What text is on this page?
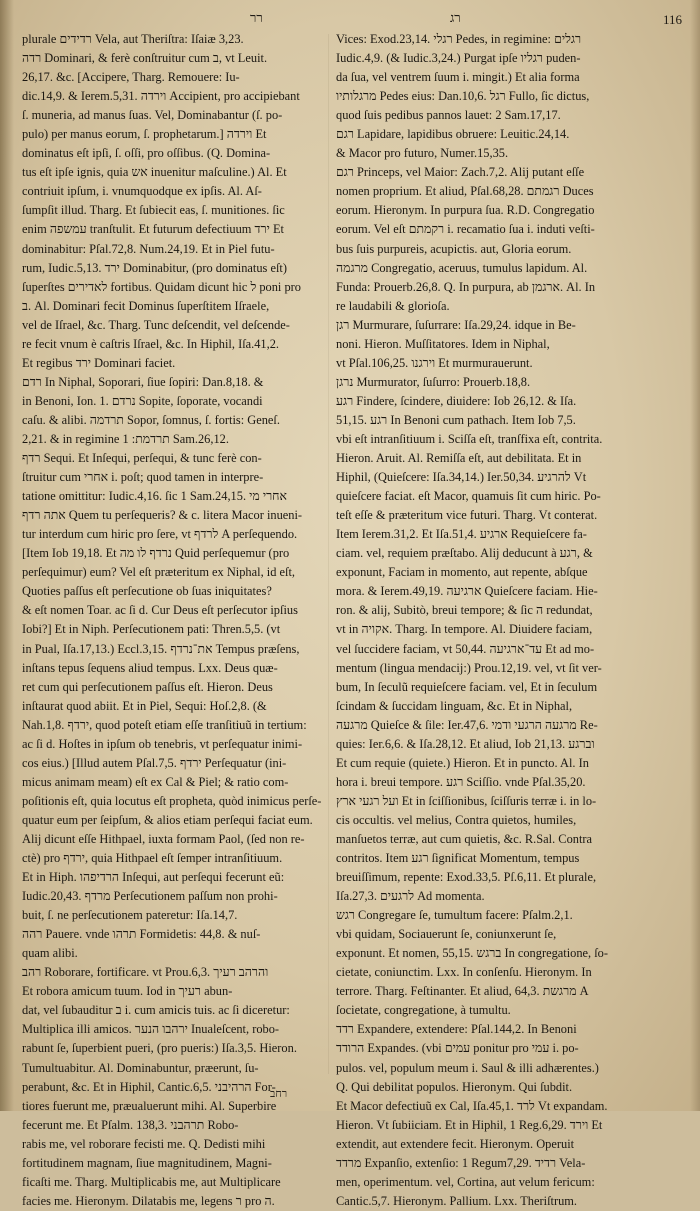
רר	רג	116
plurale רדידים Vela, aut Theriſtra: Iſaiæ 3,23.
רדה Dominari, & ferè conſtruitur cum ב, vt Leuit.
26,17. &c. [Accipere, Tharg. Remouere: Iu-
dic.14,9. & Ierem.5,31. וירדה Accipient, pro accipiebant
ſ. muneria, ad manus ſuas. Vel, Dominabantur (ſ. po-
pulo) per manus eorum, ſ. prophetarum.] וירדה Et
dominatus eſt ipſi, ſ. oſſi, pro oſſibus. (Q. Domina-
tus eſt ipſe ignis, quia אש inuenitur maſculine.) Al. Et
contriuit ipſum, i. vnumquodque ex ipſis. Al. Aſ-
ſumpſit illud. Tharg. Et ſubiecit eas, ſ. munitiones. ſic
enim עמשפה tranſtulit. Et futurum defectiuum ירד Et
dominabitur: Pſal.72,8. Num.24,19. Et in Piel futu-
rum, Iudic.5,13. ירד Dominabitur, (pro dominatus eſt)
ſuperſtes לאדירים fortibus. Quidam dicunt hic ל poni pro
ב. Al. Dominari fecit Dominus ſuperſtitem Iſraele,
vel de Iſrael, &c. Tharg. Tunc deſcendit, vel deſcende-
re fecit vnum è caſtris Iſrael, &c. In Hiphil, Iſa.41,2.
Et regibus ירד Dominari faciet.
רדם In Niphal, Soporari, ſiue ſopiri: Dan.8,18. &
in Benoni, Ion. 1. נרדם Sopite, ſoporate, vocandi
caſu. & alibi. תרדמה Sopor, ſomnus, ſ. fortis: Geneſ.
2,21. & in regimine תרדמת: 1 Sam.26,12.
רדף Sequi. Et Inſequi, perſequi, & tunc ferè con-
ſtruitur cum אחרי i. poſt; quod tamen in interpre-
tatione omittitur: Iudic.4,16. ſic 1 Sam.24,15. אחרי מי
אתה רדף Quem tu perſequeris? & c. litera Macor inueni-
tur interdum cum hiric pro ſere, vt לרדף A perſequendo.
[Item Iob 19,18. Et נרדף לו מה Quid perſequemur (pro
perſequimur) eum? Vel eſt præteritum ex Niphal, id eſt,
Quoties paſſus eſt perſecutione ob ſuas iniquitates?
& eſt nomen Toar. ac ſi d. Cur Deus eſt perſecutor ipſius
Iobi?] Et in Niph. Perſecutionem pati: Thren.5,5. (vt
in Pual, Iſa.17,13.) Eccl.3,15. את־נרדף Tempus præſens,
inſtans tepus ſequens aliud tempus. Lxx. Deus quæ-
ret cum qui perſecutionem paſſus eſt. Hieron. Deus
inſtaurat quod abiit. Et in Piel, Sequi: Hoſ.2,8. (&
Nah.1,8. ירדף, quod poteſt etiam eſſe tranſitiuũ in tertium:
ac ſi d. Hoſtes in ipſum ob tenebris, vt perſequatur inimi-
cos eius.) [Illud autem Pſal.7,5. ירדף Perſequatur (ini-
micus animam meam) eſt ex Cal & Piel; & ratio com-
poſitionis eſt, quia locutus eſt propheta, quòd inimicus perſe-
quatur eum per ſeipſum, & alios etiam perſequi faciat eum.
Alij dicunt eſſe Hithpael, iuxta formam Paol, (ſed non re-
ctè) pro ירדף, quia Hithpael eſt ſemper intranſitiuum.
Et in Hiph. הרדיפהו Inſequi, aut perſequi fecerunt eũ:
Iudic.20,43. מרדף Perſecutionem paſſum non prohi-
buit, ſ. ne perſecutionem pateretur: Iſa.14,7.
רהה Pauere. vnde תרהו Formidetis: 44,8. & nuſ-
quam alibi.
רהב Roborare, fortificare. vt Prou.6,3. והרהב רעיך
Et robora amicum tuum. Iod in רעיך abun-
dat, vel ſubauditur ב i. cum amicis tuis. ac ſi diceretur:
Multiplica illi amicos. ירהבו הנער Inualeſcent, robo-
rabunt ſe, ſuperbient pueri, (pro pueris:) Iſa.3,5. Hieron.
Tumultuabitur. Al. Dominabuntur, præerunt, ſu-
perabunt, &c. Et in Hiphil, Cantic.6,5. הרהיבני For-
tiores fuerunt me, præualuerunt mihi. Al. Superbire
fecerunt me. Et Pſalm. 138,3. תרהבני Robo-
rabis me, vel roborare fecisti me. Q. Dedisti mihi
fortitudinem magnam, ſiue magnitudinem, Magni-
ficaſti me. Tharg. Multiplicabis me, aut Multiplicare
facies me. Hieronym. Dilatabis me, legens ר pro ה.
Vices: Exod.23,14. רגלי Pedes, in regimine: רגלים
Iudic.4,9. (& Iudic.3,24.) Purgat ipſe רגליו puden-
da ſua, vel ventrem ſuum i. mingit.) Et alia forma
מרגלותיו Pedes eius: Dan.10,6. רגל Fullo, ſic dictus,
quod ſuis pedibus pannos lauet: 2 Sam.17,17.
רגם Lapidare, lapidibus obruere: Leuitic.24,14.
& Macor pro futuro, Numer.15,35.
רגם Princeps, vel Maior: Zach.7,2. Alij putant eſſe
nomen proprium. Et aliud, Pſal.68,28. רגמתם Duces
eorum. Hieronym. In purpura ſua. R.D. Congregatio
eorum. Vel eſt רקמתם i. recamatio ſua i. induti veſti-
bus ſuis purpureis, acupictis. aut, Gloria eorum.
מרגמה Congregatio, aceruus, tumulus lapidum. Al.
Funda: Prouerb.26,8. Q. In purpura, ab ארגמן. Al. In
re laudabili & glorioſa.
רגן Murmurare, ſuſurrare: Iſa.29,24. idque in Be-
noni. Hieron. Muſſitatores. Idem in Niphal,
vt Pſal.106,25. וירגנו Et murmurauerunt.
נרגן Murmurator, ſuſurro: Prouerb.18,8.
רגע Findere, ſcindere, diuidere: Iob 26,12. & Iſa.
51,15. רגע In Benoni cum pathach. Item Iob 7,5.
vbi eſt intranſitiuum i. Sciſſa eſt, tranſfixa eſt, contrita.
Hieron. Aruit. Al. Remiſſa eſt, aut debilitata. Et in
Hiphil, (Quieſcere: Iſa.34,14.) Ier.50,34. להרגיע Vt
quieſcere faciat. eſt Macor, quamuis ſit cum hiric. Po-
teſt eſſe & præteritum vice futuri. Tharg. Vt conterat.
Item Ierem.31,2. Et Iſa.51,4. ארגיע Requieſcere fa-
ciam. vel, requiem præſtabo. Alij deducunt à רגע, &
exponunt, Faciam in momento, aut repente, abſque
mora. & Ierem.49,19. ארגיעה Quieſcere faciam. Hie-
ron. & alij, Subitò, breui tempore; & ſic ה redundat,
vt in אקויה. Tharg. In tempore. Al. Diuidere faciam,
vel ſuccidere faciam, vt 50,44. עד־ארגיעה Et ad mo-
mentum (lingua mendacij:) Prou.12,19. vel, vt ſit ver-
bum, In ſeculũ requieſcere faciam. vel, Et in ſeculum
ſcindam & ſuccidam linguam, &c. Et in Niphal,
מרגעה Quieſce & ſile: Ier.47,6. מרגעה הרגעי ודמי Re-
quies: Ier.6,6. & Iſa.28,12. Et aliud, Iob 21,13. וברגע
Et cum requie (quiete.) Hieron. Et in puncto. Al. In
hora i. breui tempore. רגע Sciſſio. vnde Pſal.35,20.
ועל רגעי ארץ Et in ſciſſionibus, ſciſſuris terræ i. in lo-
cis occultis. vel melius, Contra quietos, humiles,
manſuetos terræ, aut cum quietis, &c. R.Sal. Contra
contritos. Item רגע ſignificat Momentum, tempus
breuiſſimum, repente: Exod.33,5. Pſ.6,11. Et plurale,
Iſa.27,3. לרגעים Ad momenta.
רגש Congregare ſe, tumultum facere: Pſalm.2,1.
vbi quidam, Sociauerunt ſe, coniunxerunt ſe,
exponunt. Et nomen, 55,15. ברגש In congregatione, ſo-
cietate, coniunctim. Lxx. In conſenſu. Hieronym. In
terrore. Tharg. Feſtinanter. Et aliud, 64,3. מרגשת A
ſocietate, congregatione, à tumultu.
רדד Expandere, extendere: Pſal.144,2. In Benoni
הרודד Expandes. (vbi עמים ponitur pro עמי i. po-
pulos. vel, populum meum i. Saul & illi adhærentes.)
Q. Qui debilitat populos. Hieronym. Qui ſubdit.
Et Macor defectiuũ ex Cal, Iſa.45,1. לרד Vt expandam.
Hieron. Vt ſubiiciam. Et in Hiphil, 1 Reg.6,29. וירד Et
extendit, aut extendere fecit. Hieronym. Operuit
מרדד Expanſio, extenſio: 1 Regum7,29. רדיד Vela-
men, operimentum. vel, Cortina, aut velum fericum:
Cantic.5,7. Hieronym. Pallium. Lxx. Theriſtrum.
רחב
